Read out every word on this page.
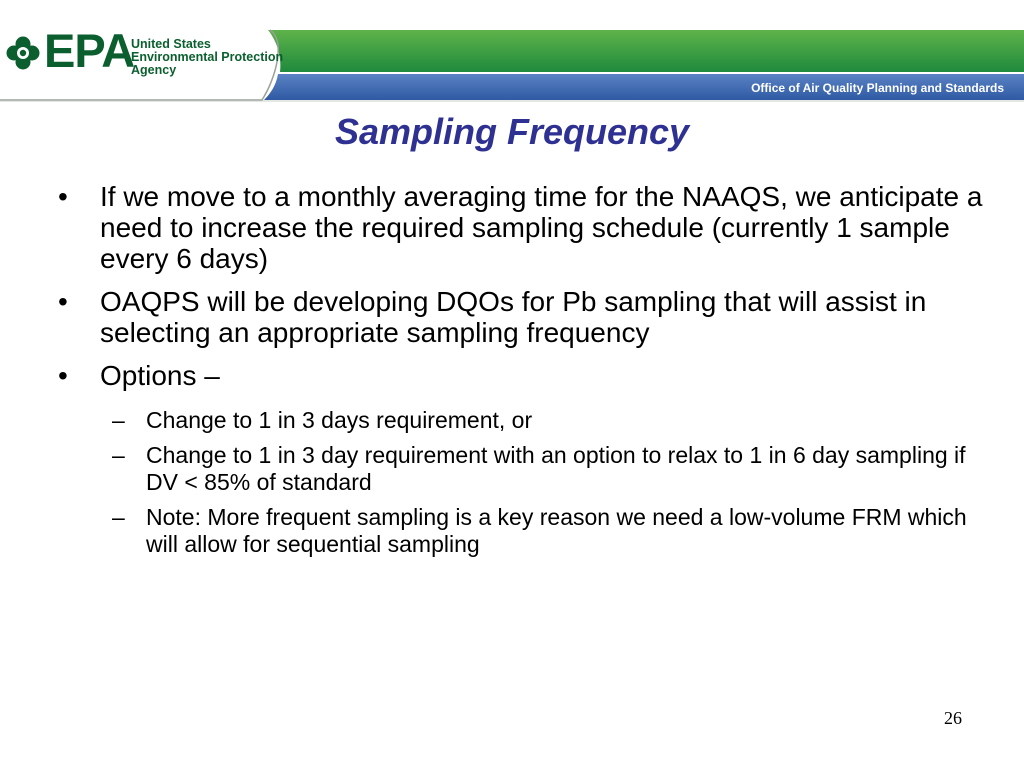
EPA
United States
Environmental Protection
Agency
Office of Air Quality Planning and Standards
Sampling Frequency
• If we move to a monthly averaging time for the NAAQS, we anticipate a need to increase the required sampling schedule (currently 1 sample every 6 days)
• OAQPS will be developing DQOs for Pb sampling that will assist in selecting an appropriate sampling frequency
• Options –
– Change to 1 in 3 days requirement, or
– Change to 1 in 3 day requirement with an option to relax to 1 in 6 day sampling if DV < 85% of standard
– Note: More frequent sampling is a key reason we need a low-volume FRM which will allow for sequential sampling
26
